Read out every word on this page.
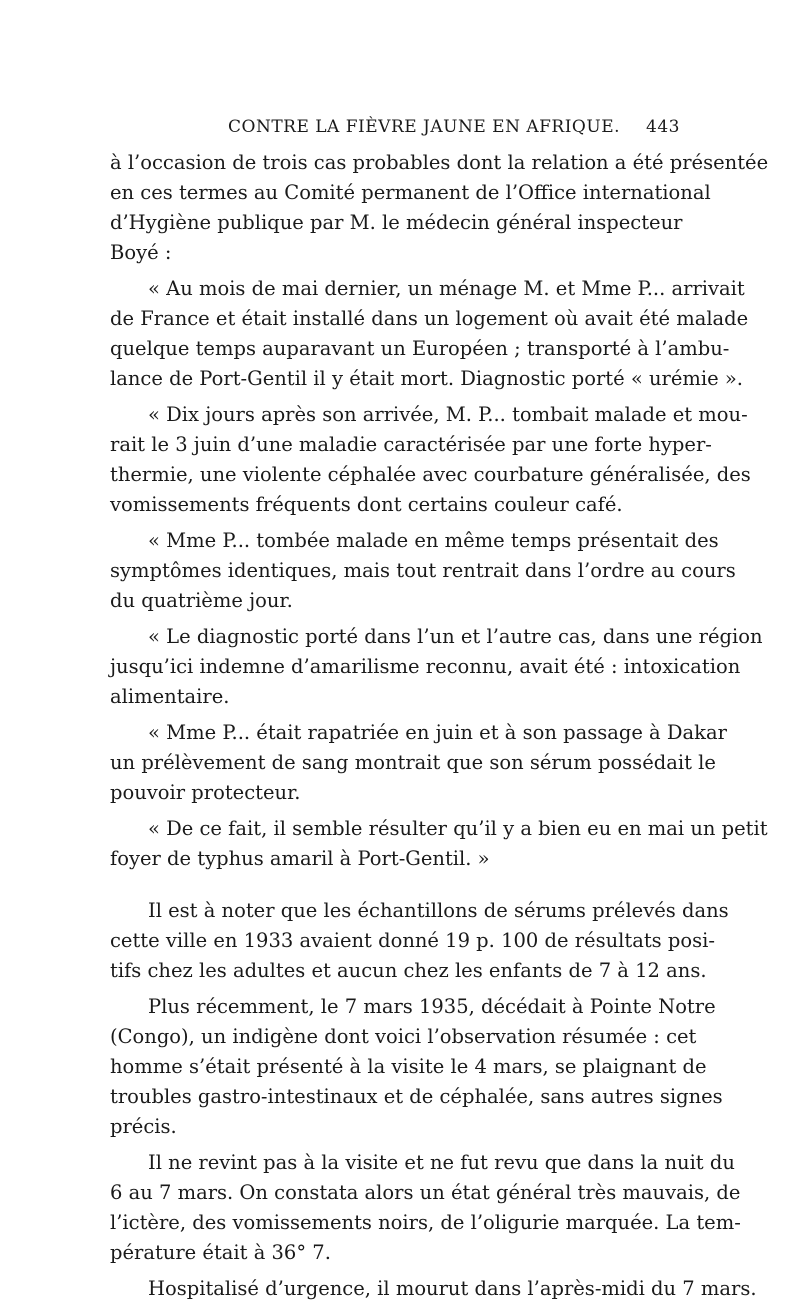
CONTRE LA FIÈVRE JAUNE EN AFRIQUE. 443
à l’occasion de trois cas probables dont la relation a été présentée
en ces termes au Comité permanent de l’Office international
d’Hygiène publique par M. le médecin général inspecteur
Boyé :
« Au mois de mai dernier, un ménage M. et Mme P... arrivait
de France et était installé dans un logement où avait été malade
quelque temps auparavant un Européen ; transporté à l’ambu-
lance de Port-Gentil il y était mort. Diagnostic porté « urémie ».
« Dix jours après son arrivée, M. P... tombait malade et mou-
rait le 3 juin d’une maladie caractérisée par une forte hyper-
thermie, une violente céphalée avec courbature généralisée, des
vomissements fréquents dont certains couleur café.
« Mme P... tombée malade en même temps présentait des
symptômes identiques, mais tout rentrait dans l’ordre au cours
du quatrième jour.
« Le diagnostic porté dans l’un et l’autre cas, dans une région
jusqu’ici indemne d’amarilisme reconnu, avait été : intoxication
alimentaire.
« Mme P... était rapatriée en juin et à son passage à Dakar
un prélèvement de sang montrait que son sérum possédait le
pouvoir protecteur.
« De ce fait, il semble résulter qu’il y a bien eu en mai un petit
foyer de typhus amaril à Port-Gentil. »
Il est à noter que les échantillons de sérums prélevés dans
cette ville en 1933 avaient donné 19 p. 100 de résultats posi-
tifs chez les adultes et aucun chez les enfants de 7 à 12 ans.
Plus récemment, le 7 mars 1935, décédait à Pointe Notre
(Congo), un indigène dont voici l’observation résumée : cet
homme s’était présenté à la visite le 4 mars, se plaignant de
troubles gastro-intestinaux et de céphalée, sans autres signes
précis.
Il ne revint pas à la visite et ne fut revu que dans la nuit du
6 au 7 mars. On constata alors un état général très mauvais, de
l’ictère, des vomissements noirs, de l’oligurie marquée. La tem-
pérature était à 36° 7.
Hospitalisé d’urgence, il mourut dans l’après-midi du 7 mars.
